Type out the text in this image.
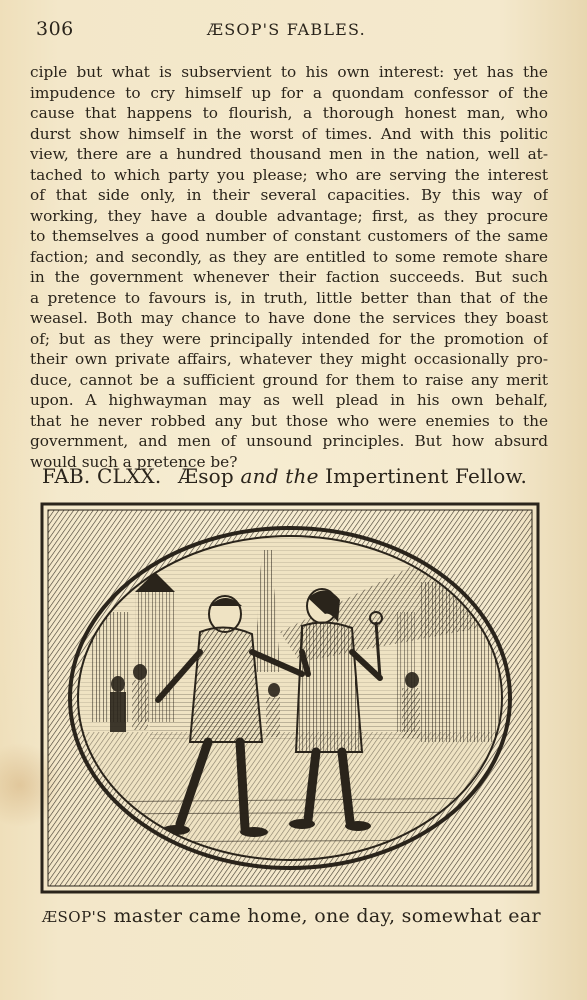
306	ÆSOP'S FABLES.
ciple but what is subservient to his own interest: yet has the
impudence to cry himself up for a quondam confessor of the
cause that happens to flourish, a thorough honest man, who
durst show himself in the worst of times. And with this politic
view, there are a hundred thousand men in the nation, well at-
tached to which party you please; who are serving the interest
of that side only, in their several capacities. By this way of
working, they have a double advantage; first, as they procure
to themselves a good number of constant customers of the same
faction; and secondly, as they are entitled to some remote share
in the government whenever their faction succeeds. But such
a pretence to favours is, in truth, little better than that of the
weasel. Both may chance to have done the services they boast
of; but as they were principally intended for the promotion of
their own private affairs, whatever they might occasionally pro-
duce, cannot be a sufficient ground for them to raise any merit
upon. A highwayman may as well plead in his own behalf,
that he never robbed any but those who were enemies to the
government, and men of unsound principles. But how absurd
would such a pretence be?
FAB. CLXX. Æsop and the Impertinent Fellow.
ÆSOP'S master came home, one day, somewhat ear
